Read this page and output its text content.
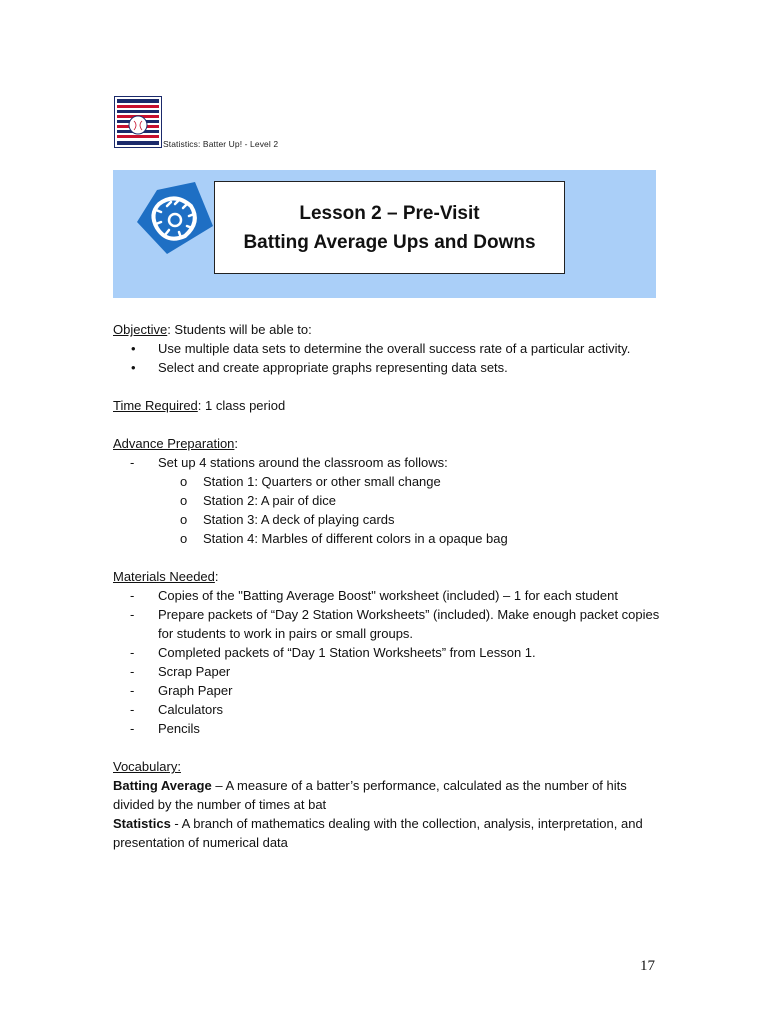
Statistics: Batter Up! - Level 2
Lesson 2 – Pre-Visit
Batting Average Ups and Downs
Objective: Students will be able to:
• Use multiple data sets to determine the overall success rate of a particular activity.
• Select and create appropriate graphs representing data sets.
Time Required: 1 class period
Advance Preparation:
- Set up 4 stations around the classroom as follows:
o Station 1: Quarters or other small change
o Station 2: A pair of dice
o Station 3: A deck of playing cards
o Station 4: Marbles of different colors in a opaque bag
Materials Needed:
- Copies of the "Batting Average Boost" worksheet (included) – 1 for each student
- Prepare packets of “Day 2 Station Worksheets” (included). Make enough packet copies for students to work in pairs or small groups.
- Completed packets of “Day 1 Station Worksheets” from Lesson 1.
- Scrap Paper
- Graph Paper
- Calculators
- Pencils

Vocabulary:

Batting Average – A measure of a batter’s performance, calculated as the number of hits divided by the number of times at bat

Statistics - A branch of mathematics dealing with the collection, analysis, interpretation, and presentation of numerical data

17
